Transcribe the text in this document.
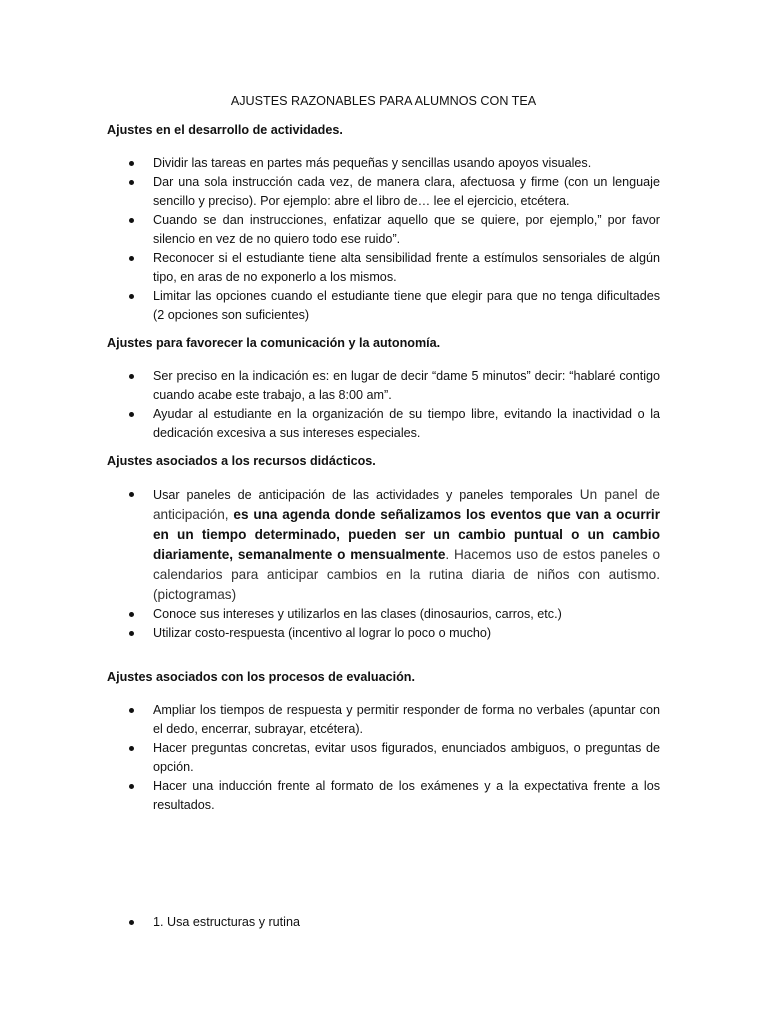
AJUSTES RAZONABLES PARA ALUMNOS CON TEA
Ajustes en el desarrollo de actividades.
Dividir las tareas en partes más pequeñas y sencillas usando apoyos visuales.
Dar una sola instrucción cada vez, de manera clara, afectuosa y firme (con un lenguaje sencillo y preciso). Por ejemplo: abre el libro de… lee el ejercicio, etcétera.
Cuando se dan instrucciones, enfatizar aquello que se quiere, por ejemplo,” por favor silencio en vez de no quiero todo ese ruido”.
Reconocer si el estudiante tiene alta sensibilidad frente a estímulos sensoriales de algún tipo, en aras de no exponerlo a los mismos.
Limitar las opciones cuando el estudiante tiene que elegir para que no tenga dificultades (2 opciones son suficientes)
Ajustes para favorecer la comunicación y la autonomía.
Ser preciso en la indicación es: en lugar de decir “dame 5 minutos” decir: “hablaré contigo cuando acabe este trabajo, a las 8:00 am”.
Ayudar al estudiante en la organización de su tiempo libre, evitando la inactividad o la dedicación excesiva a sus intereses especiales.
Ajustes asociados a los recursos didácticos.
Usar paneles de anticipación de las actividades y paneles temporales Un panel de anticipación, es una agenda donde señalizamos los eventos que van a ocurrir en un tiempo determinado, pueden ser un cambio puntual o un cambio diariamente, semanalmente o mensualmente. Hacemos uso de estos paneles o calendarios para anticipar cambios en la rutina diaria de niños con autismo. (pictogramas)
Conoce sus intereses y utilizarlos en las clases (dinosaurios, carros, etc.)
Utilizar costo-respuesta (incentivo al lograr lo poco o mucho)
Ajustes asociados con los procesos de evaluación.
Ampliar los tiempos de respuesta y permitir responder de forma no verbales (apuntar con el dedo, encerrar, subrayar, etcétera).
Hacer preguntas concretas, evitar usos figurados, enunciados ambiguos, o preguntas de opción.
Hacer una inducción frente al formato de los exámenes y a la expectativa frente a los resultados.
1. Usa estructuras y rutina
